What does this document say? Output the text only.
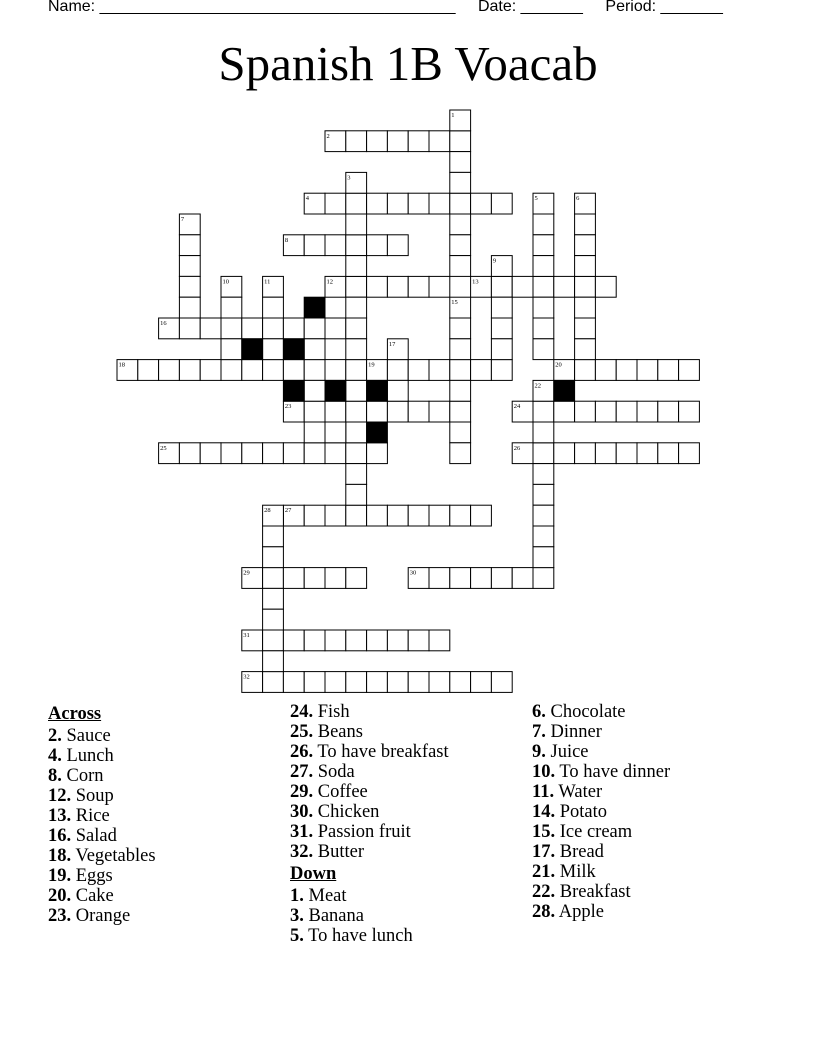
Name: ________________________________________ Date: _______ Period: _______
Spanish 1B Voacab
2
4
8
12	13
16
18	19	20
23	24
25	26
27
29	30
31
32
1
3
5	6
7
9
10	11
14	15
17
21	22
28
Across
2. Sauce
4. Lunch
8. Corn
12. Soup
13. Rice
16. Salad
18. Vegetables
19. Eggs
20. Cake
23. Orange
24. Fish
25. Beans
26. To have breakfast
27. Soda
29. Coffee
30. Chicken
31. Passion fruit
32. Butter
Down
1. Meat
3. Banana
5. To have lunch
6. Chocolate
7. Dinner
9. Juice
10. To have dinner
11. Water
14. Potato
15. Ice cream
17. Bread
21. Milk
22. Breakfast
28. Apple
